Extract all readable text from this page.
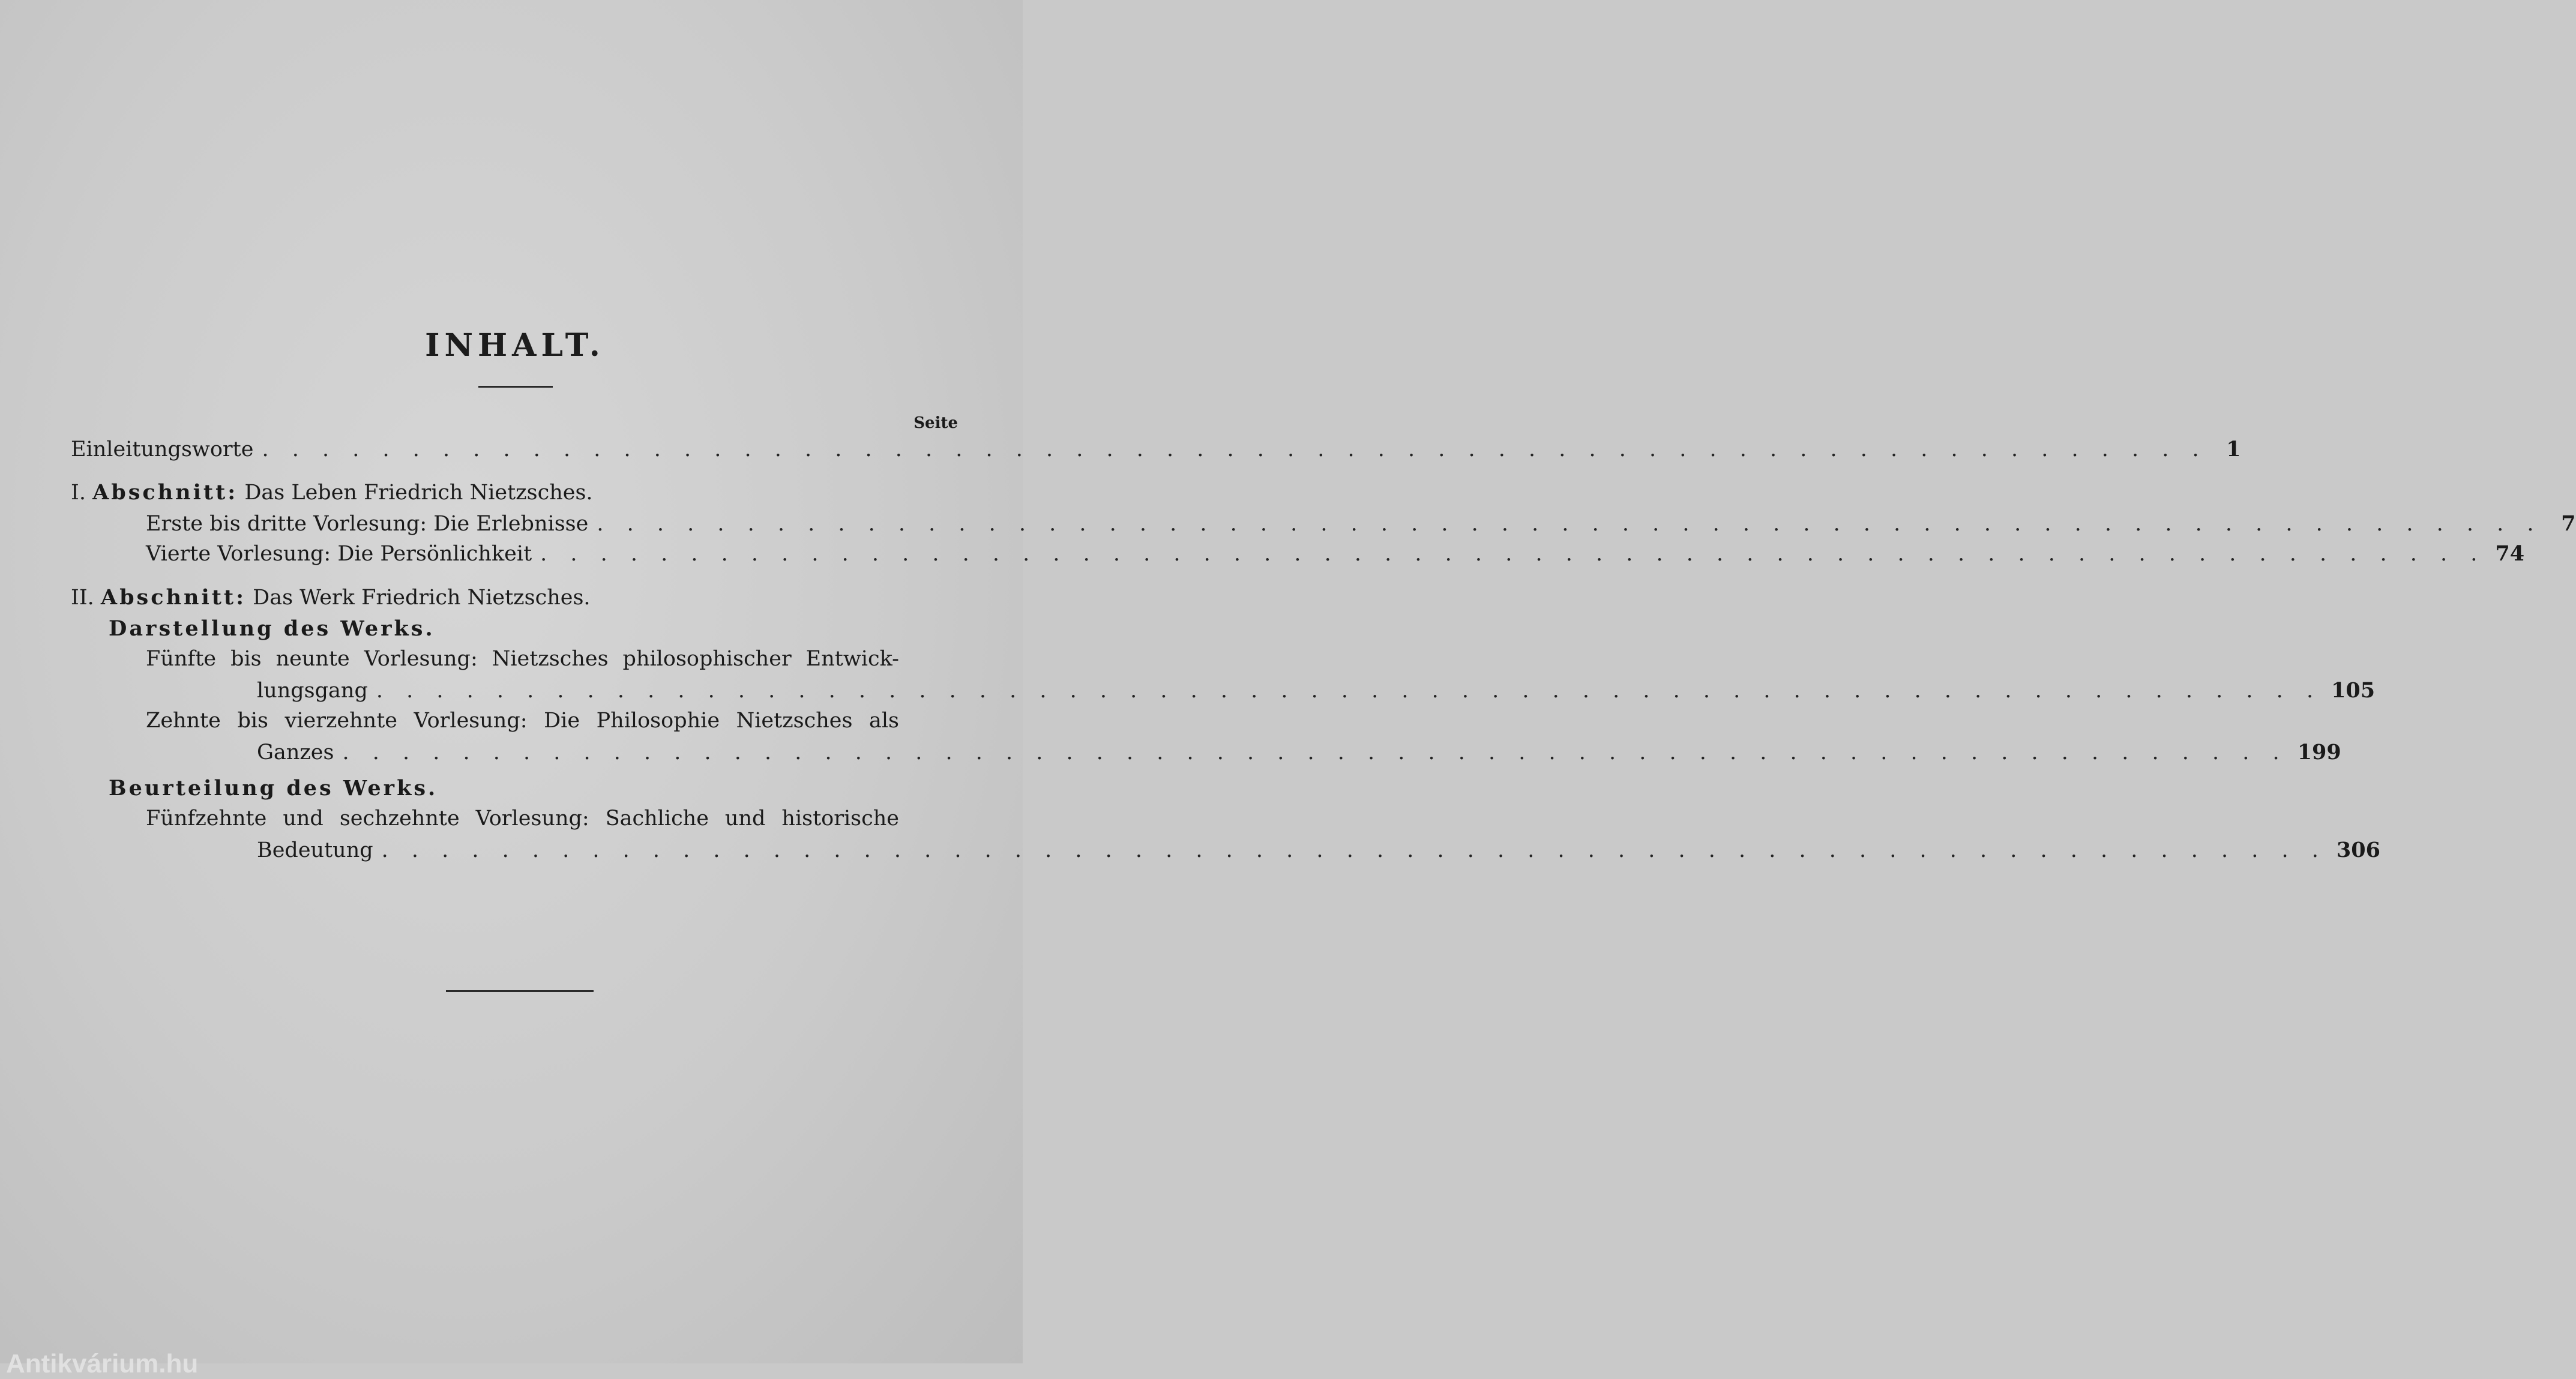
INHALT.
Seite
Einleitungsworte . . .	1
I. Abschnitt: Das Leben Friedrich Nietzsches.
Erste bis dritte Vorlesung: Die Erlebnisse . . .	7
Vierte Vorlesung: Die Persönlichkeit . . .	74
II. Abschnitt: Das Werk Friedrich Nietzsches.
Darstellung des Werks.
Fünfte bis neunte Vorlesung: Nietzsches philosophischer Entwick-
lungsgang . . .	105
Zehnte bis vierzehnte Vorlesung: Die Philosophie Nietzsches als
Ganzes . . .	199
Beurteilung des Werks.
Fünfzehnte und sechzehnte Vorlesung: Sachliche und historische
Bedeutung . . .	306
Antikvárium.hu
